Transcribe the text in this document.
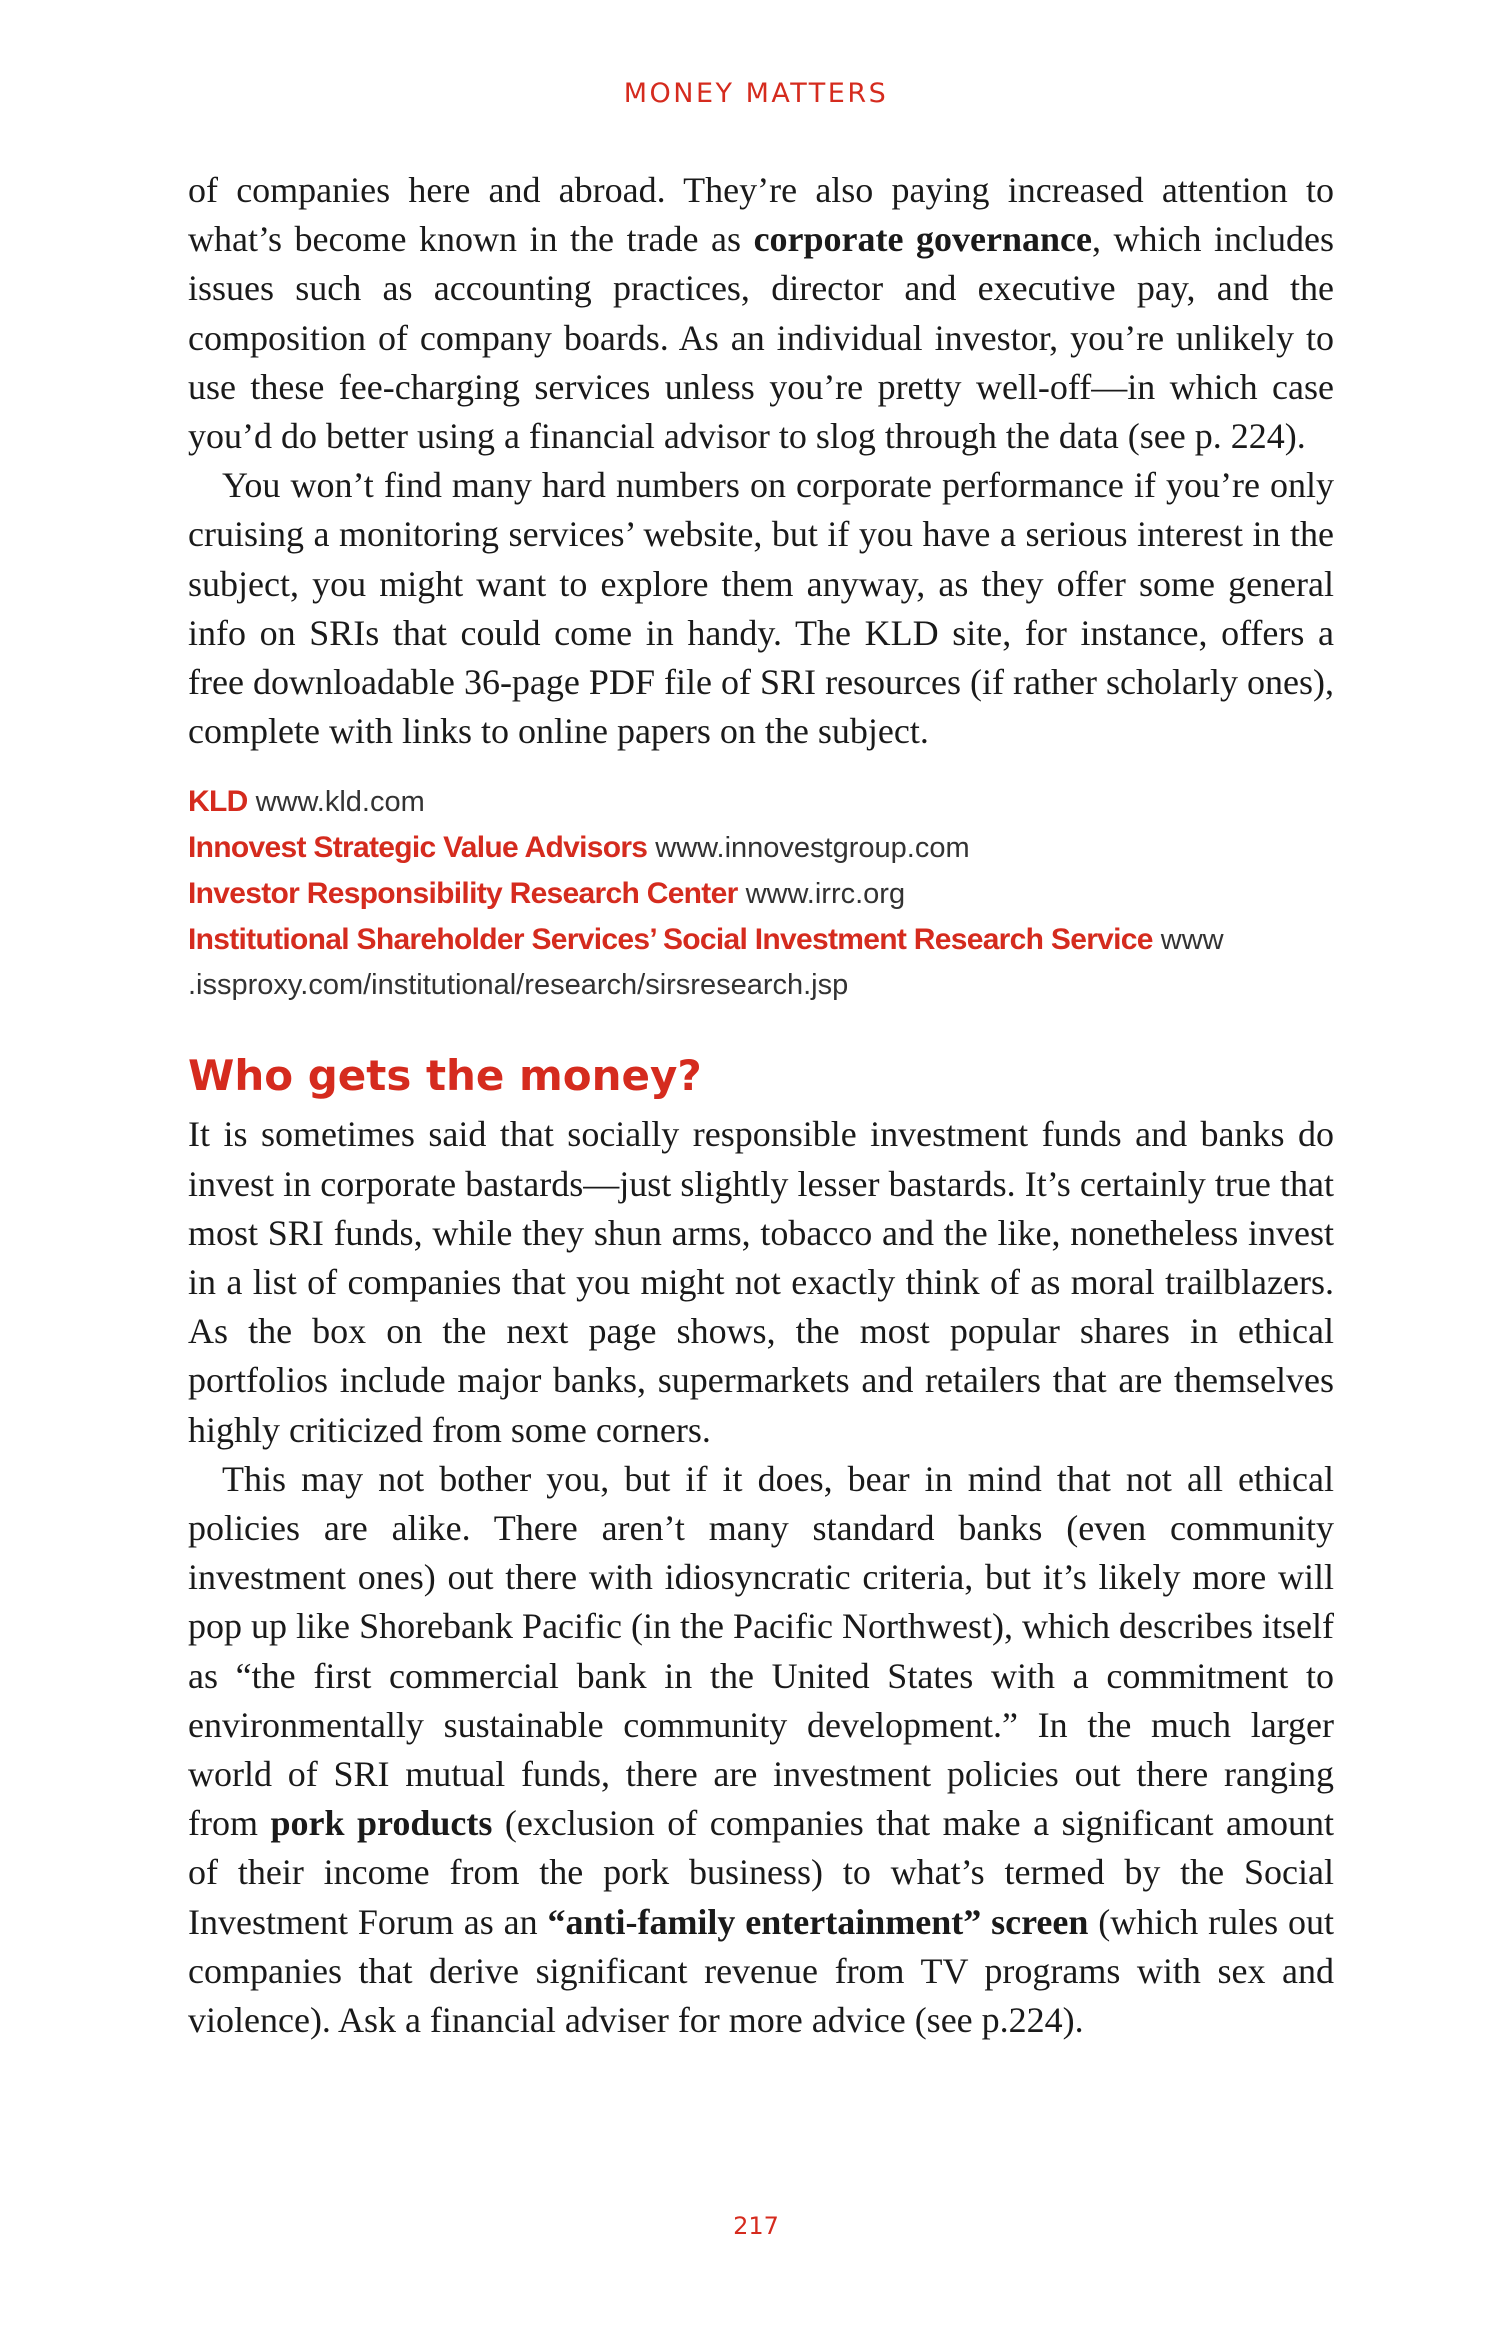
MONEY MATTERS

of companies here and abroad. They’re also paying increased attention to what’s become known in the trade as corporate governance, which includes issues such as accounting practices, director and executive pay, and the composition of company boards. As an individual investor, you’re unlikely to use these fee-charging services unless you’re pretty well-off—in which case you’d do better using a financial advisor to slog through the data (see p. 224).

You won’t find many hard numbers on corporate performance if you’re only cruising a monitoring services’ website, but if you have a serious interest in the subject, you might want to explore them anyway, as they offer some general info on SRIs that could come in handy. The KLD site, for instance, offers a free downloadable 36-page PDF file of SRI resources (if rather scholarly ones), complete with links to online papers on the subject.

KLD www.kld.com
Innovest Strategic Value Advisors www.innovestgroup.com
Investor Responsibility Research Center www.irrc.org
Institutional Shareholder Services’ Social Investment Research Service www
.issproxy.com/institutional/research/sirsresearch.jsp
Who gets the money?

It is sometimes said that socially responsible investment funds and banks do invest in corporate bastards—just slightly lesser bastards. It’s certainly true that most SRI funds, while they shun arms, tobacco and the like, nonetheless invest in a list of companies that you might not exactly think of as moral trailblazers. As the box on the next page shows, the most popular shares in ethical portfolios include major banks, supermarkets and retailers that are themselves highly criticized from some corners.

This may not bother you, but if it does, bear in mind that not all ethical policies are alike. There aren’t many standard banks (even community investment ones) out there with idiosyncratic criteria, but it’s likely more will pop up like Shorebank Pacific (in the Pacific Northwest), which describes itself as “the first commercial bank in the United States with a commitment to environmentally sustainable community development.” In the much larger world of SRI mutual funds, there are investment policies out there ranging from pork products (exclusion of companies that make a significant amount of their income from the pork business) to what’s termed by the Social Investment Forum as an “anti-family entertainment” screen (which rules out companies that derive significant revenue from TV programs with sex and violence). Ask a financial adviser for more advice (see p.224).

217
